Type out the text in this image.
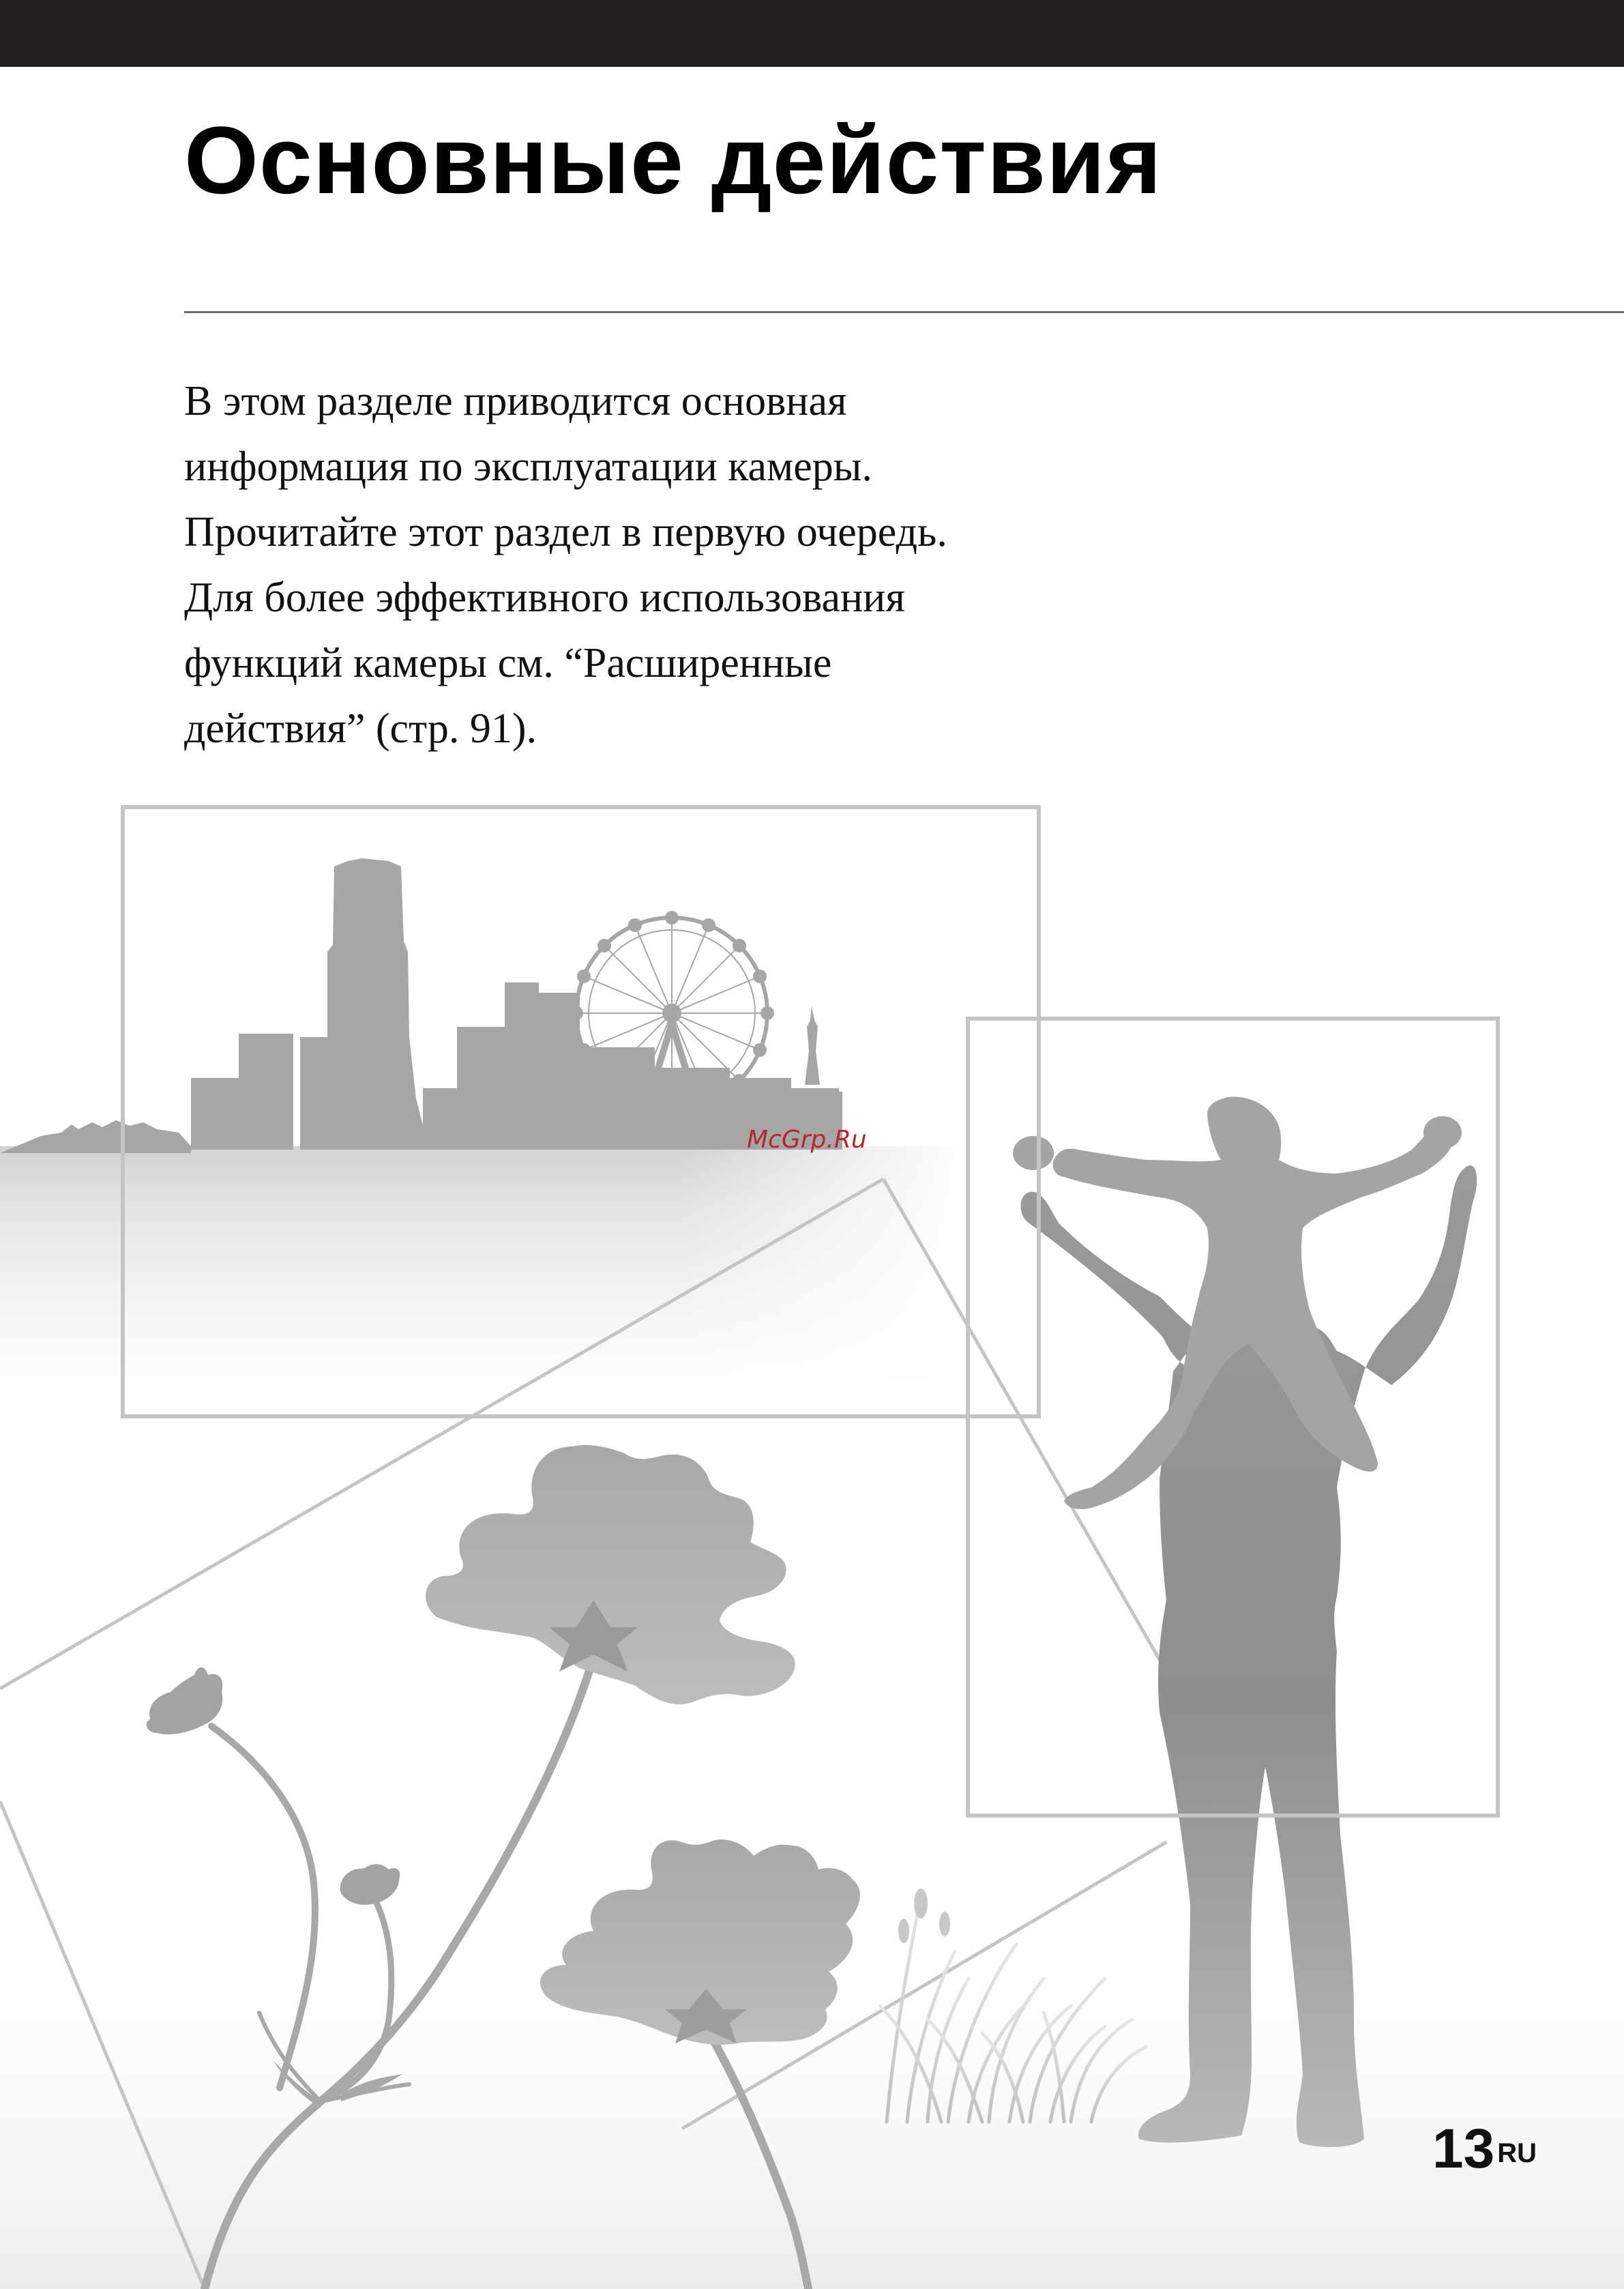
Основные действия
В этом разделе приводится основная
информация по эксплуатации камеры.
Прочитайте этот раздел в первую очередь.
Для более эффективного использования
функций камеры см. “Расширенные
действия” (стр. 91).
McGrp.Ru
13 $^{RU}$
